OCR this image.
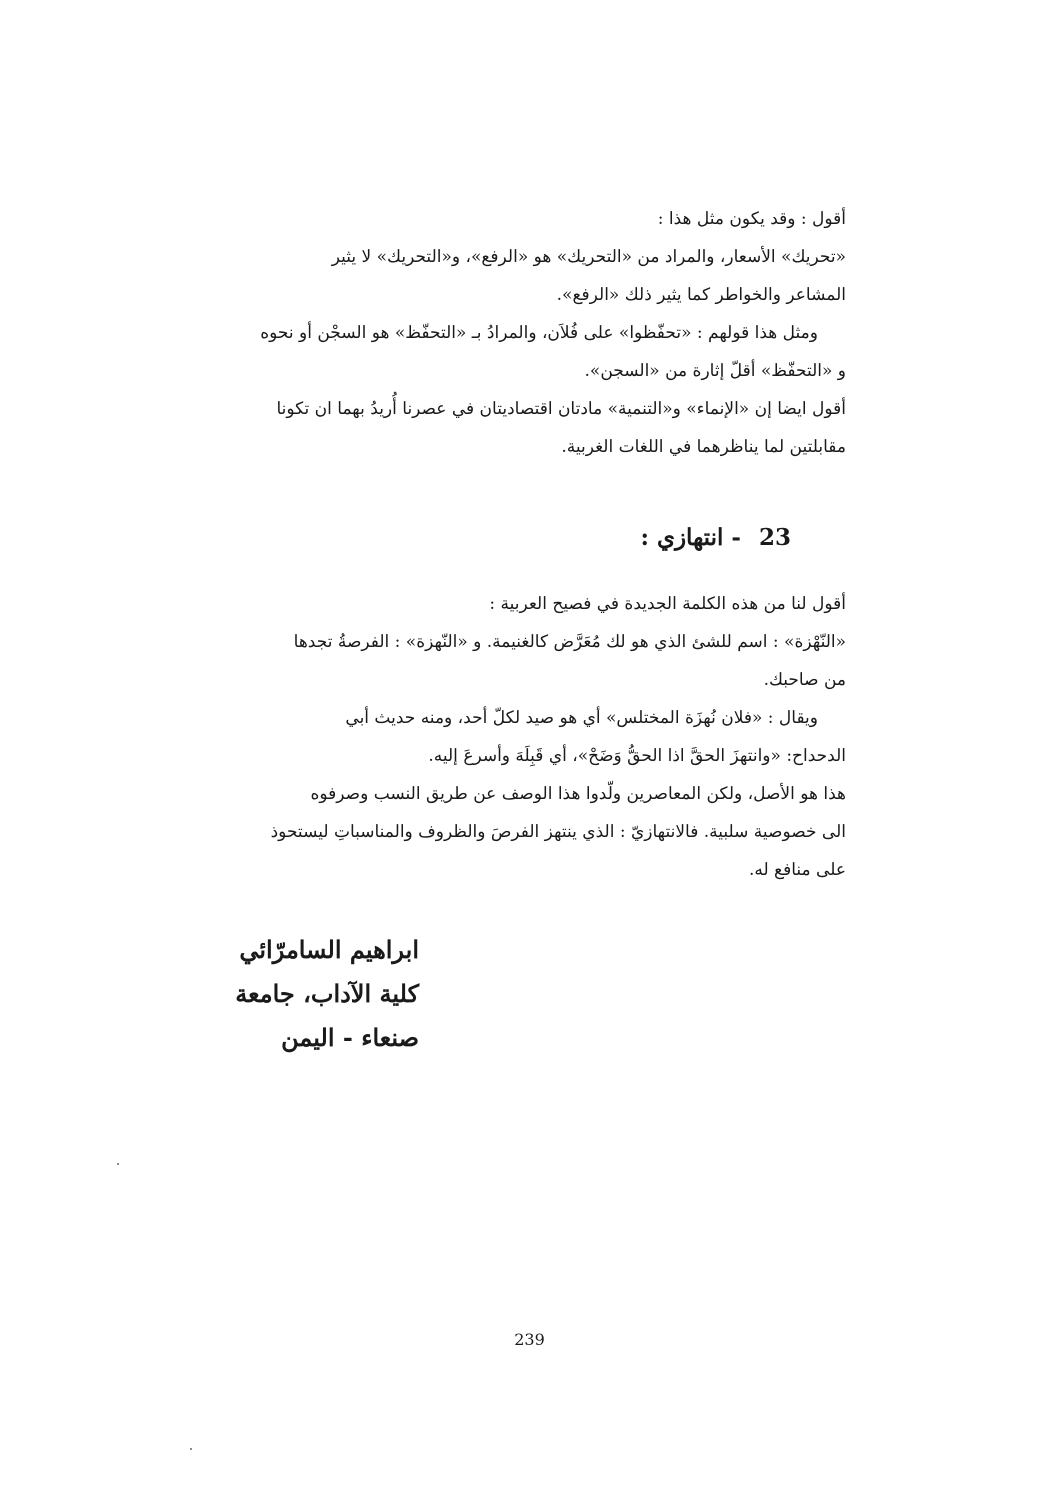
أقول : وقد يكون مثل هذا :
«تحريك» الأسعار، والمراد من «التحريك» هو «الرفع»، و«التحريك» لا يثير
المشاعر والخواطر كما يثير ذلك «الرفع».
ومثل هذا قولهم : «تحفّظوا» على فُلاَن، والمرادُ بـ «التحفّظ» هو السجْن أو نحوه
و «التحفّظ» أقلّ إثارة من «السجن».
أقول ايضا إن «الإنماء» و«التنمية» مادتان اقتصاديتان في عصرنا أُريدُ بهما ان تكونا
مقابلتين لما يناظرهما في اللغات الغربية.
23 - انتهازي :
أقول لنا من هذه الكلمة الجديدة في فصيح العربية :
«النّهْزة» : اسم للشئ الذي هو لك مُعَرَّض كالغنيمة. و «النّهزة» : الفرصةُ تجدها
من صاحبك.
ويقال : «فلان نُهزَة المختلس» أي هو صيد لكلّ أحد، ومنه حديث أبي
الدحداح: «وانتهزَ الحقَّ اذا الحقُّ وَضَحْ»، أي قَبِلَهَ وأسرعَ إليه.
هذا هو الأصل، ولكن المعاصرين ولّدوا هذا الوصف عن طريق النسب وصرفوه
الى خصوصية سلبية. فالانتهازيّ : الذي ينتهز الفرصَ والظروف والمناسباتِ ليستحوذ
على منافع له.
ابراهيم السامرّائي
كلية الآداب، جامعة
صنعاء - اليمن
239
